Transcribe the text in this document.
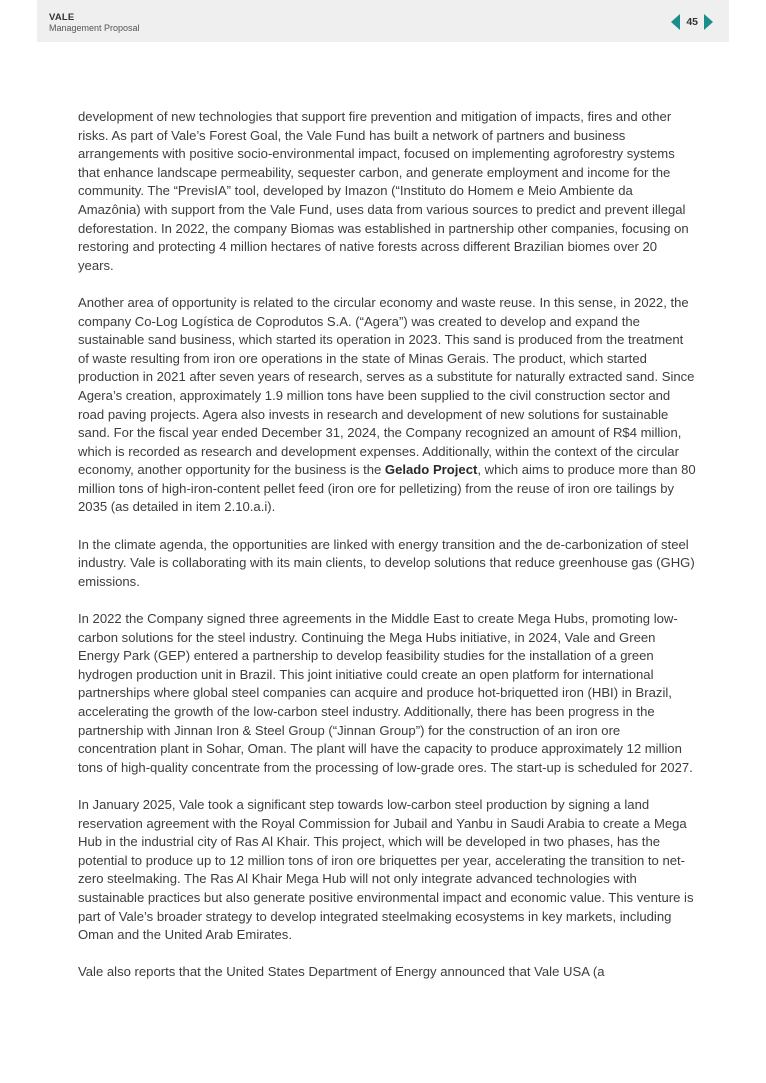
VALE
Management Proposal	45

development of new technologies that support fire prevention and mitigation of impacts, fires and other risks. As part of Vale’s Forest Goal, the Vale Fund has built a network of partners and business arrangements with positive socio-environmental impact, focused on implementing agroforestry systems that enhance landscape permeability, sequester carbon, and generate employment and income for the community. The “PrevisIA” tool, developed by Imazon (“Instituto do Homem e Meio Ambiente da Amazônia) with support from the Vale Fund, uses data from various sources to predict and prevent illegal deforestation. In 2022, the company Biomas was established in partnership other companies, focusing on restoring and protecting 4 million hectares of native forests across different Brazilian biomes over 20 years.

Another area of opportunity is related to the circular economy and waste reuse. In this sense, in 2022, the company Co-Log Logística de Coprodutos S.A. (“Agera”) was created to develop and expand the sustainable sand business, which started its operation in 2023. This sand is produced from the treatment of waste resulting from iron ore operations in the state of Minas Gerais. The product, which started production in 2021 after seven years of research, serves as a substitute for naturally extracted sand. Since Agera’s creation, approximately 1.9 million tons have been supplied to the civil construction sector and road paving projects. Agera also invests in research and development of new solutions for sustainable sand. For the fiscal year ended December 31, 2024, the Company recognized an amount of R$4 million, which is recorded as research and development expenses. Additionally, within the context of the circular economy, another opportunity for the business is the Gelado Project, which aims to produce more than 80 million tons of high-iron-content pellet feed (iron ore for pelletizing) from the reuse of iron ore tailings by 2035 (as detailed in item 2.10.a.i).

In the climate agenda, the opportunities are linked with energy transition and the de-carbonization of steel industry. Vale is collaborating with its main clients, to develop solutions that reduce greenhouse gas (GHG) emissions.

In 2022 the Company signed three agreements in the Middle East to create Mega Hubs, promoting low-carbon solutions for the steel industry. Continuing the Mega Hubs initiative, in 2024, Vale and Green Energy Park (GEP) entered a partnership to develop feasibility studies for the installation of a green hydrogen production unit in Brazil. This joint initiative could create an open platform for international partnerships where global steel companies can acquire and produce hot-briquetted iron (HBI) in Brazil, accelerating the growth of the low-carbon steel industry. Additionally, there has been progress in the partnership with Jinnan Iron & Steel Group (“Jinnan Group”) for the construction of an iron ore concentration plant in Sohar, Oman. The plant will have the capacity to produce approximately 12 million tons of high-quality concentrate from the processing of low-grade ores. The start-up is scheduled for 2027.

In January 2025, Vale took a significant step towards low-carbon steel production by signing a land reservation agreement with the Royal Commission for Jubail and Yanbu in Saudi Arabia to create a Mega Hub in the industrial city of Ras Al Khair. This project, which will be developed in two phases, has the potential to produce up to 12 million tons of iron ore briquettes per year, accelerating the transition to net-zero steelmaking. The Ras Al Khair Mega Hub will not only integrate advanced technologies with sustainable practices but also generate positive environmental impact and economic value. This venture is part of Vale’s broader strategy to develop integrated steelmaking ecosystems in key markets, including Oman and the United Arab Emirates.

Vale also reports that the United States Department of Energy announced that Vale USA (a
